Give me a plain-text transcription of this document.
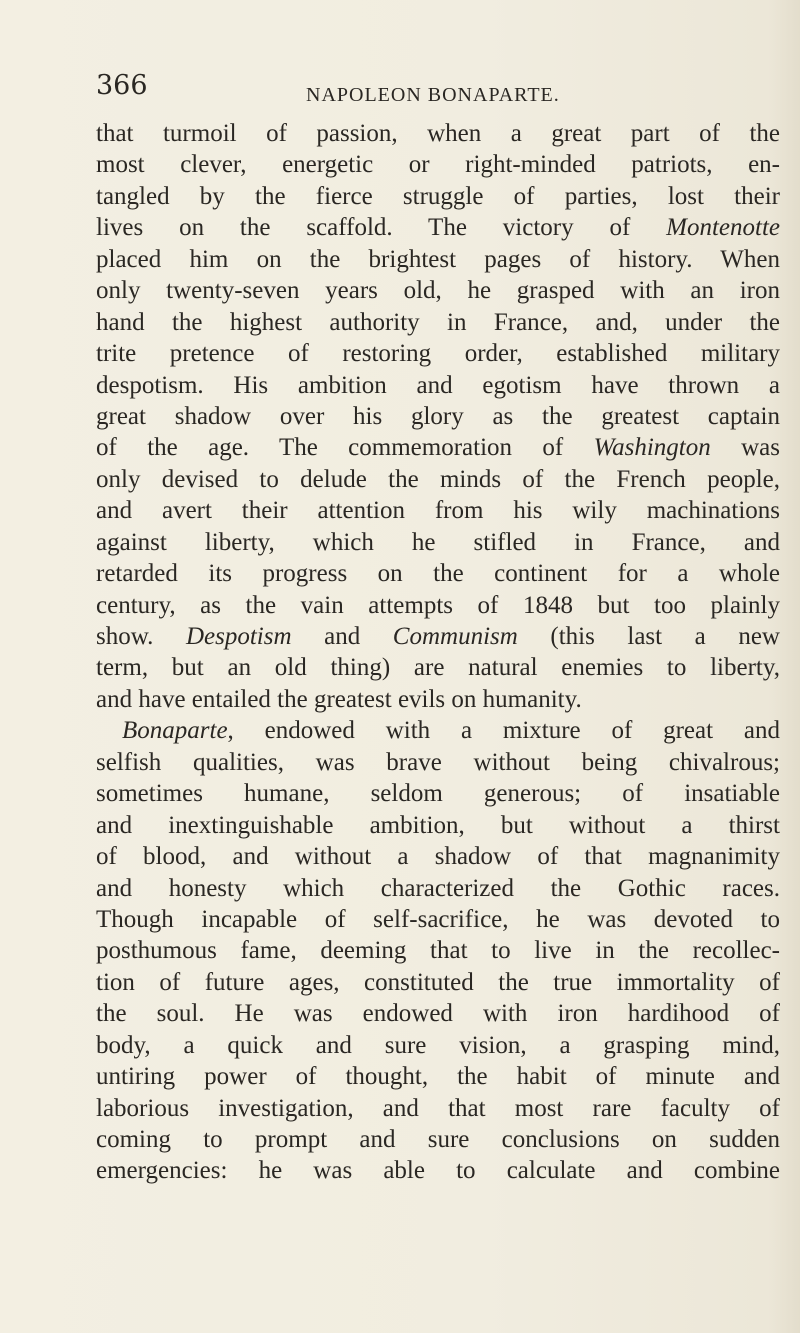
366	NAPOLEON BONAPARTE.
that turmoil of passion, when a great part of the
most clever, energetic or right-minded patriots, en-
tangled by the fierce struggle of parties, lost their
lives on the scaffold. The victory of Montenotte
placed him on the brightest pages of history. When
only twenty-seven years old, he grasped with an iron
hand the highest authority in France, and, under the
trite pretence of restoring order, established military
despotism. His ambition and egotism have thrown a
great shadow over his glory as the greatest captain
of the age. The commemoration of Washington was
only devised to delude the minds of the French people,
and avert their attention from his wily machinations
against liberty, which he stifled in France, and
retarded its progress on the continent for a whole
century, as the vain attempts of 1848 but too plainly
show. Despotism and Communism (this last a new
term, but an old thing) are natural enemies to liberty,
and have entailed the greatest evils on humanity.
Bonaparte, endowed with a mixture of great and
selfish qualities, was brave without being chivalrous;
sometimes humane, seldom generous; of insatiable
and inextinguishable ambition, but without a thirst
of blood, and without a shadow of that magnanimity
and honesty which characterized the Gothic races.
Though incapable of self-sacrifice, he was devoted to
posthumous fame, deeming that to live in the recollec-
tion of future ages, constituted the true immortality of
the soul. He was endowed with iron hardihood of
body, a quick and sure vision, a grasping mind,
untiring power of thought, the habit of minute and
laborious investigation, and that most rare faculty of
coming to prompt and sure conclusions on sudden
emergencies: he was able to calculate and combine
